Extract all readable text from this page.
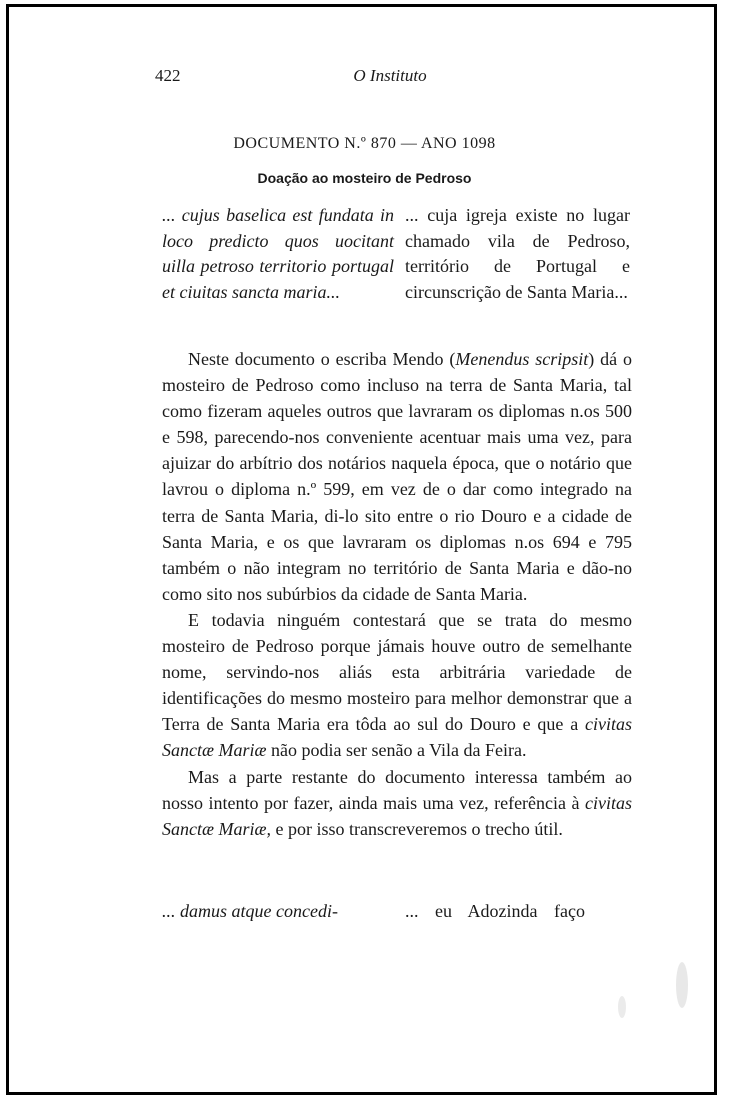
422	O Instituto
DOCUMENTO N.º 870 — ANO 1098
Doação ao mosteiro de Pedroso
... cujus baselica est fundata in loco predicto quos uocitant uilla petroso territorio portugal et ciuitas sancta maria...
... cuja igreja existe no lugar chamado vila de Pedroso, território de Portugal e circunscrição de Santa Maria...

Neste documento o escriba Mendo (Menendus scripsit) dá o mosteiro de Pedroso como incluso na terra de Santa Maria, tal como fizeram aqueles outros que lavraram os diplomas n.os 500 e 598, parecendo-nos conveniente acentuar mais uma vez, para ajuizar do arbítrio dos notários naquela época, que o notário que lavrou o diploma n.º 599, em vez de o dar como integrado na terra de Santa Maria, di-lo sito entre o rio Douro e a cidade de Santa Maria, e os que lavraram os diplomas n.os 694 e 795 também o não integram no território de Santa Maria e dão-no como sito nos subúrbios da cidade de Santa Maria.

E todavia ninguém contestará que se trata do mesmo mosteiro de Pedroso porque jámais houve outro de semelhante nome, servindo-nos aliás esta arbitrária variedade de identificações do mesmo mosteiro para melhor demonstrar que a Terra de Santa Maria era tôda ao sul do Douro e que a civitas Sanctæ Mariæ não podia ser senão a Vila da Feira.

Mas a parte restante do documento interessa também ao nosso intento por fazer, ainda mais uma vez, referência à civitas Sanctæ Mariæ, e por isso transcreveremos o trecho útil.

... damus atque concedi-	... eu Adozinda faço
